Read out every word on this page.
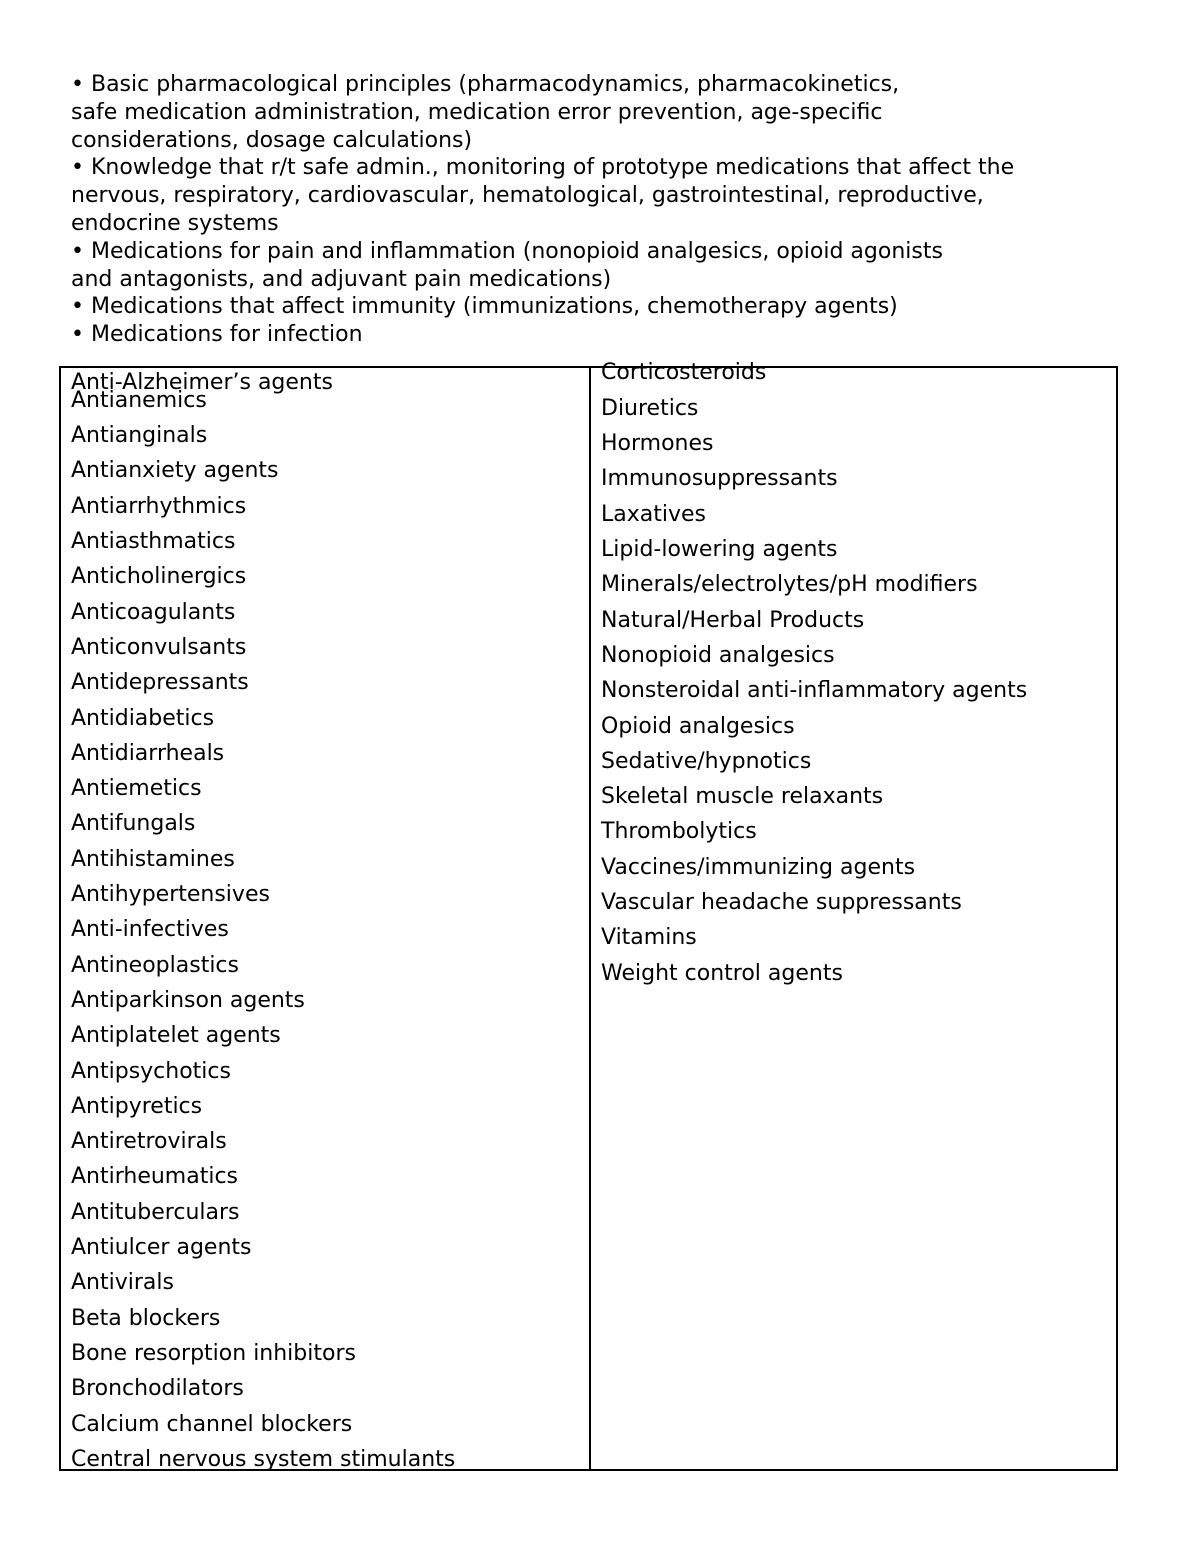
• Basic pharmacological principles (pharmacodynamics, pharmacokinetics,
safe medication administration, medication error prevention, age-specific
considerations, dosage calculations)
• Knowledge that r/t safe admin., monitoring of prototype medications that affect the
nervous, respiratory, cardiovascular, hematological, gastrointestinal, reproductive,
endocrine systems
• Medications for pain and inflammation (nonopioid analgesics, opioid agonists
and antagonists, and adjuvant pain medications)
• Medications that affect immunity (immunizations, chemotherapy agents)
• Medications for infection
Anti-Alzheimer’s agents
Antianemics
Antianginals
Antianxiety agents
Antiarrhythmics
Antiasthmatics
Anticholinergics
Anticoagulants
Anticonvulsants
Antidepressants
Antidiabetics
Antidiarrheals
Antiemetics
Antifungals
Antihistamines
Antihypertensives
Anti-infectives
Antineoplastics
Antiparkinson agents
Antiplatelet agents
Antipsychotics
Antipyretics
Antiretrovirals
Antirheumatics
Antituberculars
Antiulcer agents
Antivirals
Beta blockers
Bone resorption inhibitors
Bronchodilators
Calcium channel blockers
Central nervous system stimulants
Corticosteroids
Diuretics
Hormones
Immunosuppressants
Laxatives
Lipid-lowering agents
Minerals/electrolytes/pH modifiers
Natural/Herbal Products
Nonopioid analgesics
Nonsteroidal anti-inflammatory agents
Opioid analgesics
Sedative/hypnotics
Skeletal muscle relaxants
Thrombolytics
Vaccines/immunizing agents
Vascular headache suppressants
Vitamins
Weight control agents
